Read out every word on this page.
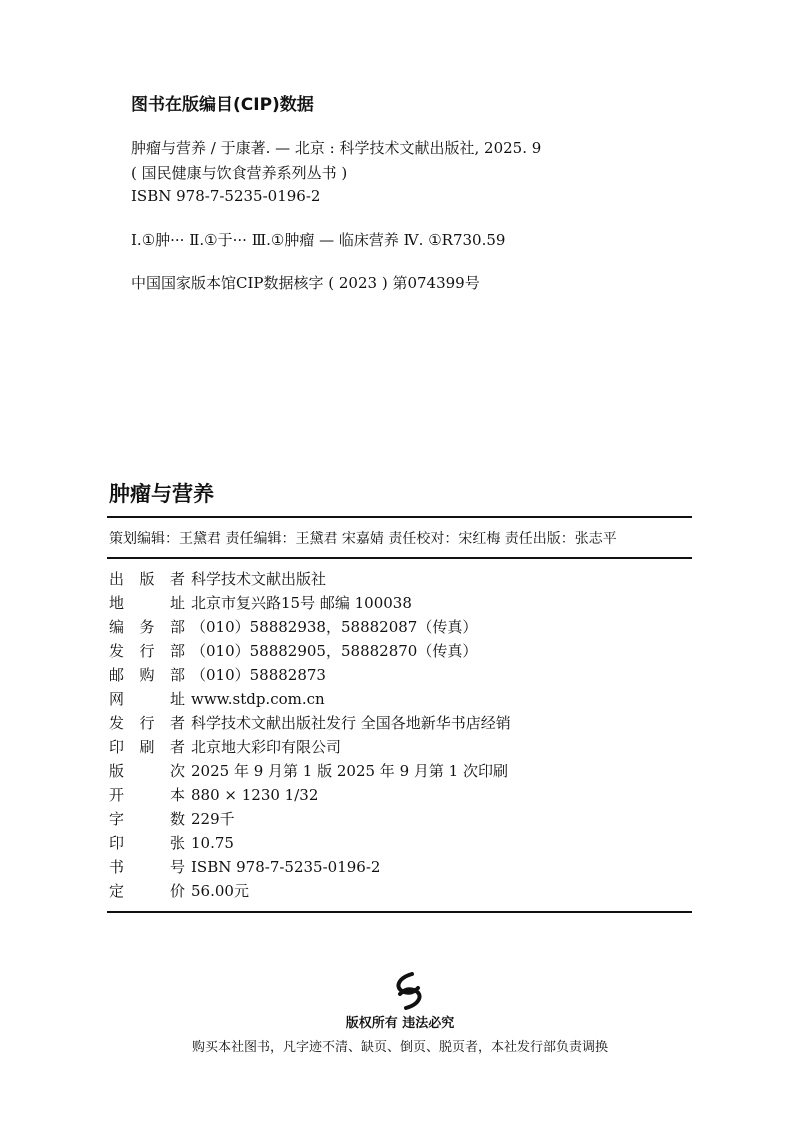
图书在版编目(CIP)数据
肿瘤与营养 / 于康著. — 北京 : 科学技术文献出版社, 2025. 9
( 国民健康与饮食营养系列丛书 )
ISBN 978-7-5235-0196-2
Ⅰ.①肿··· Ⅱ.①于··· Ⅲ.①肿瘤 — 临床营养 Ⅳ. ①R730.59
中国国家版本馆CIP数据核字 ( 2023 ) 第074399号
肿瘤与营养
策划编辑：王黛君 责任编辑：王黛君 宋嘉婧 责任校对：宋红梅 责任出版：张志平
出版者 科学技术文献出版社
地址 北京市复兴路15号 邮编 100038
编务部 （010）58882938，58882087（传真）
发行部 （010）58882905，58882870（传真）
邮购部 （010）58882873
网址 www.stdp.com.cn
发行者 科学技术文献出版社发行 全国各地新华书店经销
印刷者 北京地大彩印有限公司
版次 2025 年 9 月第 1 版 2025 年 9 月第 1 次印刷
开本 880 × 1230 1/32
字数 229千
印张 10.75
书号 ISBN 978-7-5235-0196-2
定价 56.00元
版权所有 违法必究
购买本社图书，凡字迹不清、缺页、倒页、脱页者，本社发行部负责调换
